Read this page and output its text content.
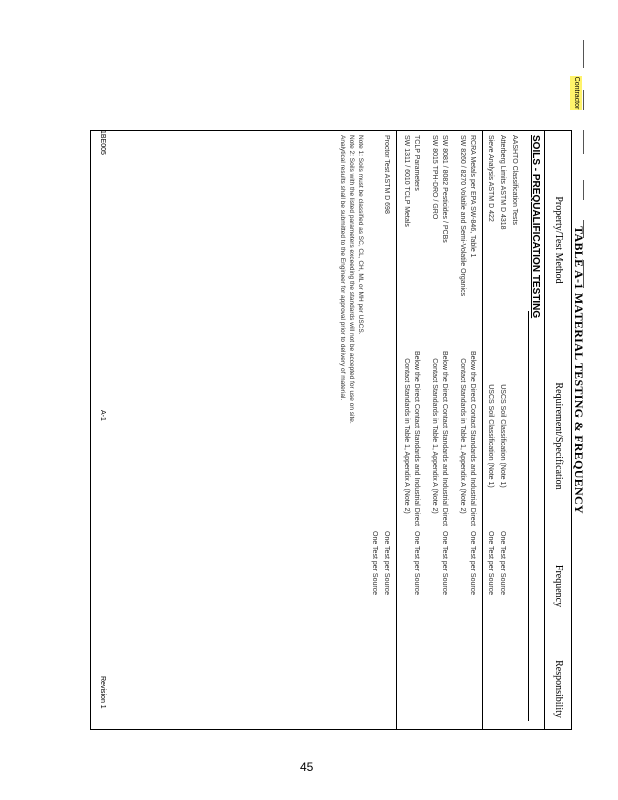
45
Contractor
TABLE A-1 MATERIAL TESTING & FREQUENCY
Property/Test Method
Requirement/Specification
Frequency
Responsibility
SOILS - PREQUALIFICATION TESTING
AASHTO Classification Tests
Atterberg Limits ASTM D 4318
USCS Soil Classification (Note 1)
One Test per Source
Sieve Analysis ASTM D 422
USCS Soil Classification (Note 1)
One Test per Source
RCRA Metals per EPA SW-846, Table 1
Below the Direct Contact Standards and Industrial Direct
One Test per Source
SW 8260 / 8270 Volatile and Semi-Volatile Organics
Contact Standards in Table 1, Appendix A (Note 2)
SW 8081 / 8082 Pesticides / PCBs
Below the Direct Contact Standards and Industrial Direct
One Test per Source
SW 8015 TPH-DRO / GRO
Contact Standards in Table 1, Appendix A (Note 2)
TCLP Parameters
Below the Direct Contact Standards and Industrial Direct
One Test per Source
SW 1311 / 6010 TCLP Metals
Contact Standards in Table 1, Appendix A (Note 2)
Proctor Test ASTM D 698
One Test per Source
One Test per Source
Note 1: Soils must be classified as SC, CL, CH, ML or MH per USCS.
Note 2: Soils with the listed parameters exceeding the standards will not be accepted for use on site.
Analytical results shall be submitted to the Engineer for approval prior to delivery of material.
1BE005
A-1
Revision 1
